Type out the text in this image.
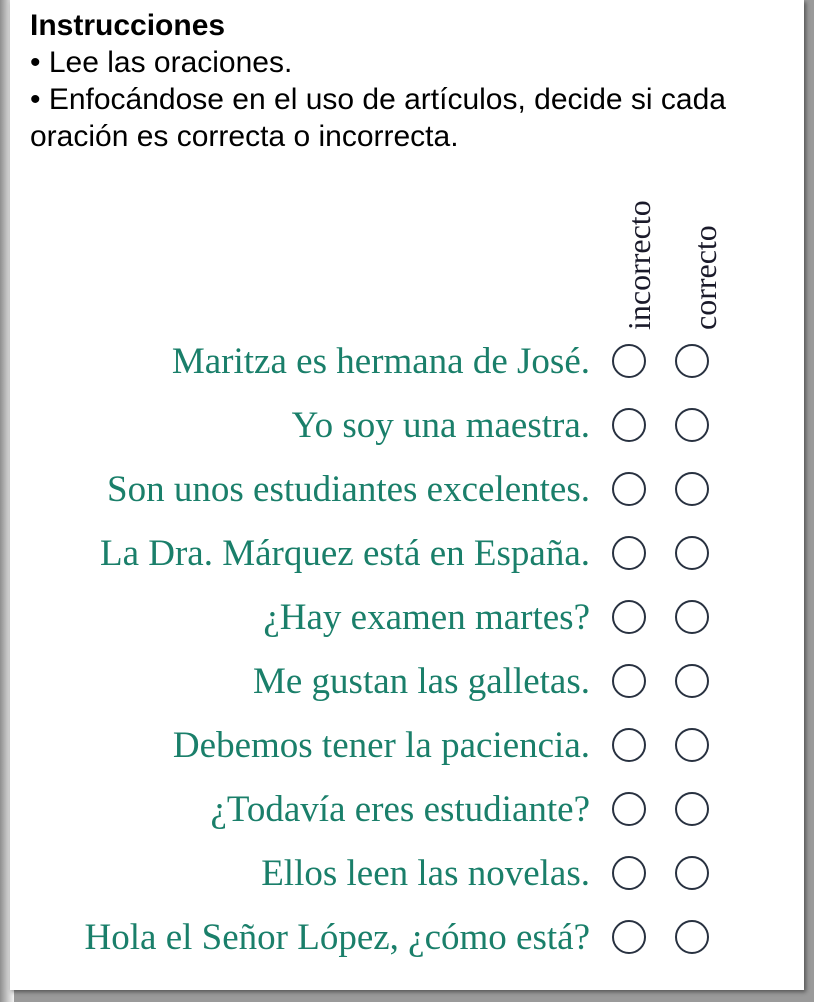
Instrucciones

• Lee las oraciones.

• Enfocándose en el uso de artículos, decide si cada oración es correcta o incorrecta.

incorrecto correcto
Maritza es hermana de José.
Yo soy una maestra.
Son unos estudiantes excelentes.
La Dra. Márquez está en España.
¿Hay examen martes?
Me gustan las galletas.
Debemos tener la paciencia.
¿Todavía eres estudiante?
Ellos leen las novelas.
Hola el Señor López, ¿cómo está?
